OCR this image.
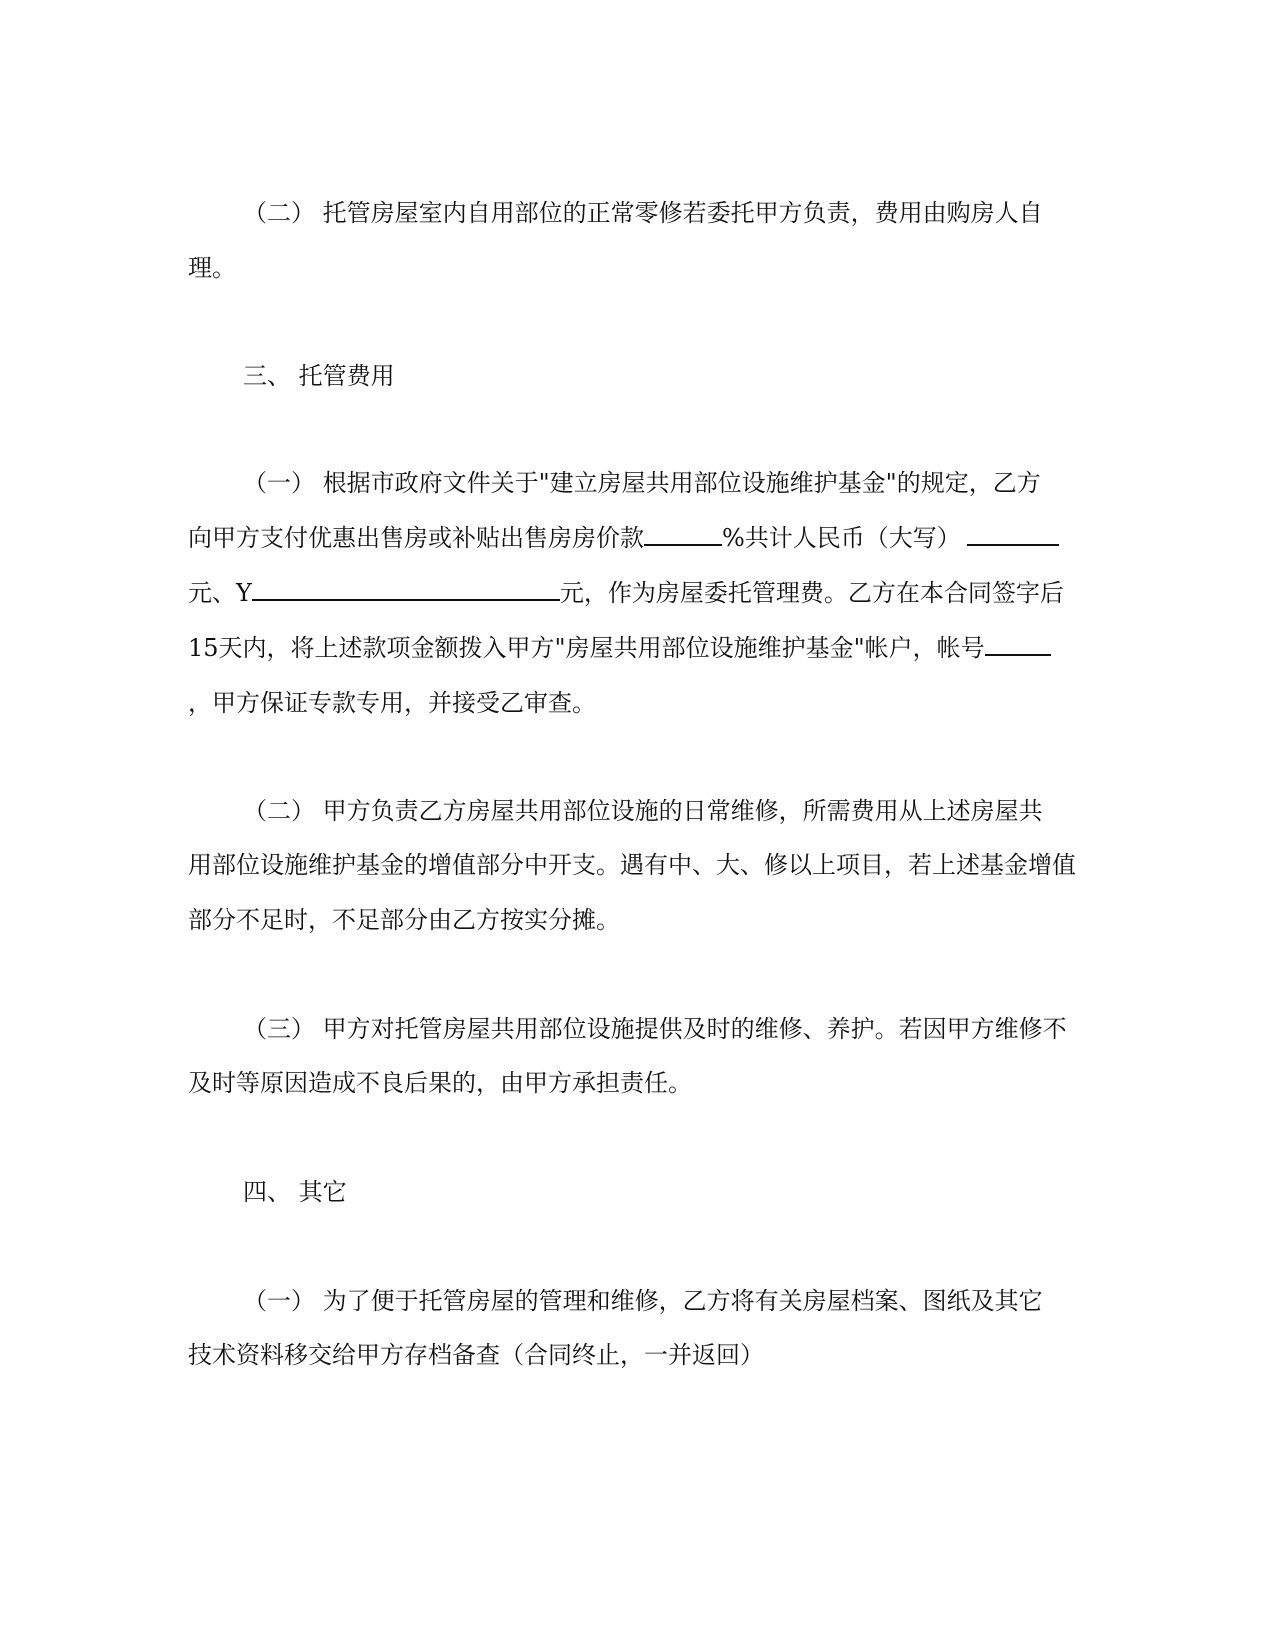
（二） 托管房屋室内自用部位的正常零修若委托甲方负责，费用由购房人自
理。
三、 托管费用
（一） 根据市政府文件关于"建立房屋共用部位设施维护基金"的规定，乙方
向甲方支付优惠出售房或补贴出售房房价款	%共计人民币（大写）
元、Y	元，作为房屋委托管理费。乙方在本合同签字后
15天内，将上述款项金额拨入甲方"房屋共用部位设施维护基金"帐户，帐号
，甲方保证专款专用，并接受乙审查。
（二） 甲方负责乙方房屋共用部位设施的日常维修，所需费用从上述房屋共
用部位设施维护基金的增值部分中开支。遇有中、大、修以上项目，若上述基金增值
部分不足时，不足部分由乙方按实分摊。
（三） 甲方对托管房屋共用部位设施提供及时的维修、养护。若因甲方维修不
及时等原因造成不良后果的，由甲方承担责任。
四、 其它
（一） 为了便于托管房屋的管理和维修，乙方将有关房屋档案、图纸及其它
技术资料移交给甲方存档备查（合同终止，一并返回）
